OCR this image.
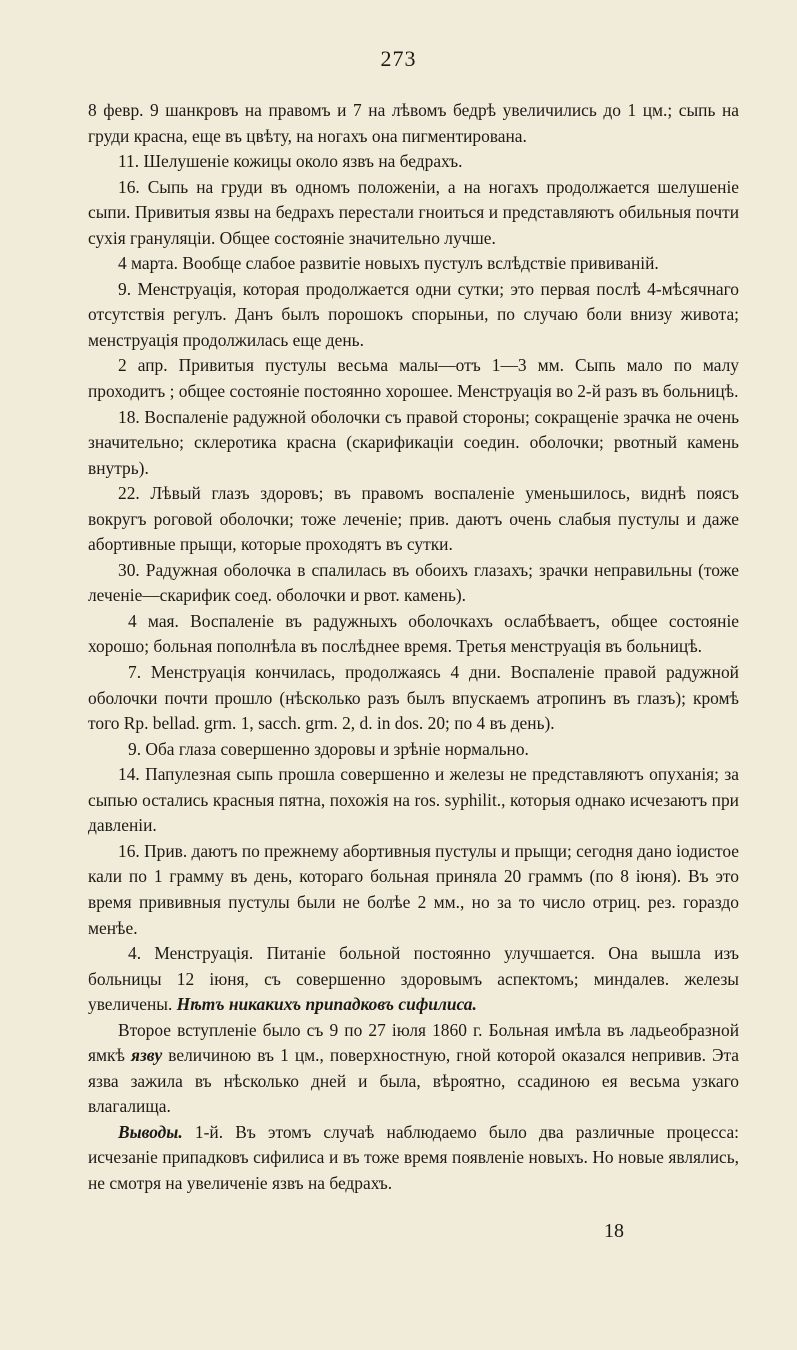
273

8 февр. 9 шанкровъ на правомъ и 7 на лѣвомъ бедрѣ увеличились до 1 цм.; сыпь на груди красна, еще въ цвѣту, на ногахъ она пигментирована.

11. Шелушеніе кожицы около язвъ на бедрахъ.

16. Сыпь на груди въ одномъ положеніи, а на ногахъ продолжается шелушеніе сыпи. Привитыя язвы на бедрахъ перестали гноиться и представляютъ обильныя почти сухія грануляціи. Общее состояніе значительно лучше.

4 марта. Вообще слабое развитіе новыхъ пустулъ вслѣдствіе прививаній.

9. Менструація, которая продолжается одни сутки; это первая послѣ 4-мѣсячнаго отсутствія регулъ. Данъ былъ порошокъ спорыньи, по случаю боли внизу живота; менструація продолжилась еще день.

2 апр. Привитыя пустулы весьма малы—отъ 1—3 мм. Сыпь мало по малу проходитъ ; общее состояніе постоянно хорошее. Менструація во 2-й разъ въ больницѣ.

18. Воспаленіе радужной оболочки съ правой стороны; сокращеніе зрачка не очень значительно; склеротика красна (скарификаціи соедин. оболочки; рвотный камень внутрь).

22. Лѣвый глазъ здоровъ; въ правомъ воспаленіе уменьшилось, виднѣ поясъ вокругъ роговой оболочки; тоже леченіе; прив. даютъ очень слабыя пустулы и даже абортивные прыщи, которые проходятъ въ сутки.

30. Радужная оболочка в спалилась въ обоихъ глазахъ; зрачки неправильны (тоже леченіе—скарифик соед. оболочки и рвот. камень).

4 мая. Воспаленіе въ радужныхъ оболочкахъ ослабѣваетъ, общее состояніе хорошо; больная пополнѣла въ послѣднее время. Третья менструація въ больницѣ.

7. Менструація кончилась, продолжаясь 4 дни. Воспаленіе правой радужной оболочки почти прошло (нѣсколько разъ былъ впускаемъ атропинъ въ глазъ); кромѣ того Rp. bellad. grm. 1, sacch. grm. 2, d. in dos. 20; по 4 въ день).

9. Оба глаза совершенно здоровы и зрѣніе нормально.

14. Папулезная сыпь прошла совершенно и железы не представляютъ опуханія; за сыпью остались красныя пятна, похожія на ros. syphilit., которыя однако исчезаютъ при давленіи.

16. Прив. даютъ по прежнему абортивныя пустулы и прыщи; сегодня дано іодистое кали по 1 грамму въ день, котораго больная приняла 20 граммъ (по 8 іюня). Въ это время прививныя пустулы были не болѣе 2 мм., но за то число отриц. рез. гораздо менѣе.

4. Менструація. Питаніе больной постоянно улучшается. Она вышла изъ больницы 12 іюня, съ совершенно здоровымъ аспектомъ; миндалев. железы увеличены. Нѣтъ никакихъ припадковъ сифилиса.

Второе вступленіе было съ 9 по 27 іюля 1860 г. Больная имѣла въ ладьеобразной ямкѣ язву величиною въ 1 цм., поверхностную, гной которой оказался непривив. Эта язва зажила въ нѣсколько дней и была, вѣроятно, ссадиною ея весьма узкаго влагалища.

Выводы. 1-й. Въ этомъ случаѣ наблюдаемо было два различные процесса: исчезаніе припадковъ сифилиса и въ тоже время появленіе новыхъ. Но новые являлись, не смотря на увеличеніе язвъ на бедрахъ.

18
